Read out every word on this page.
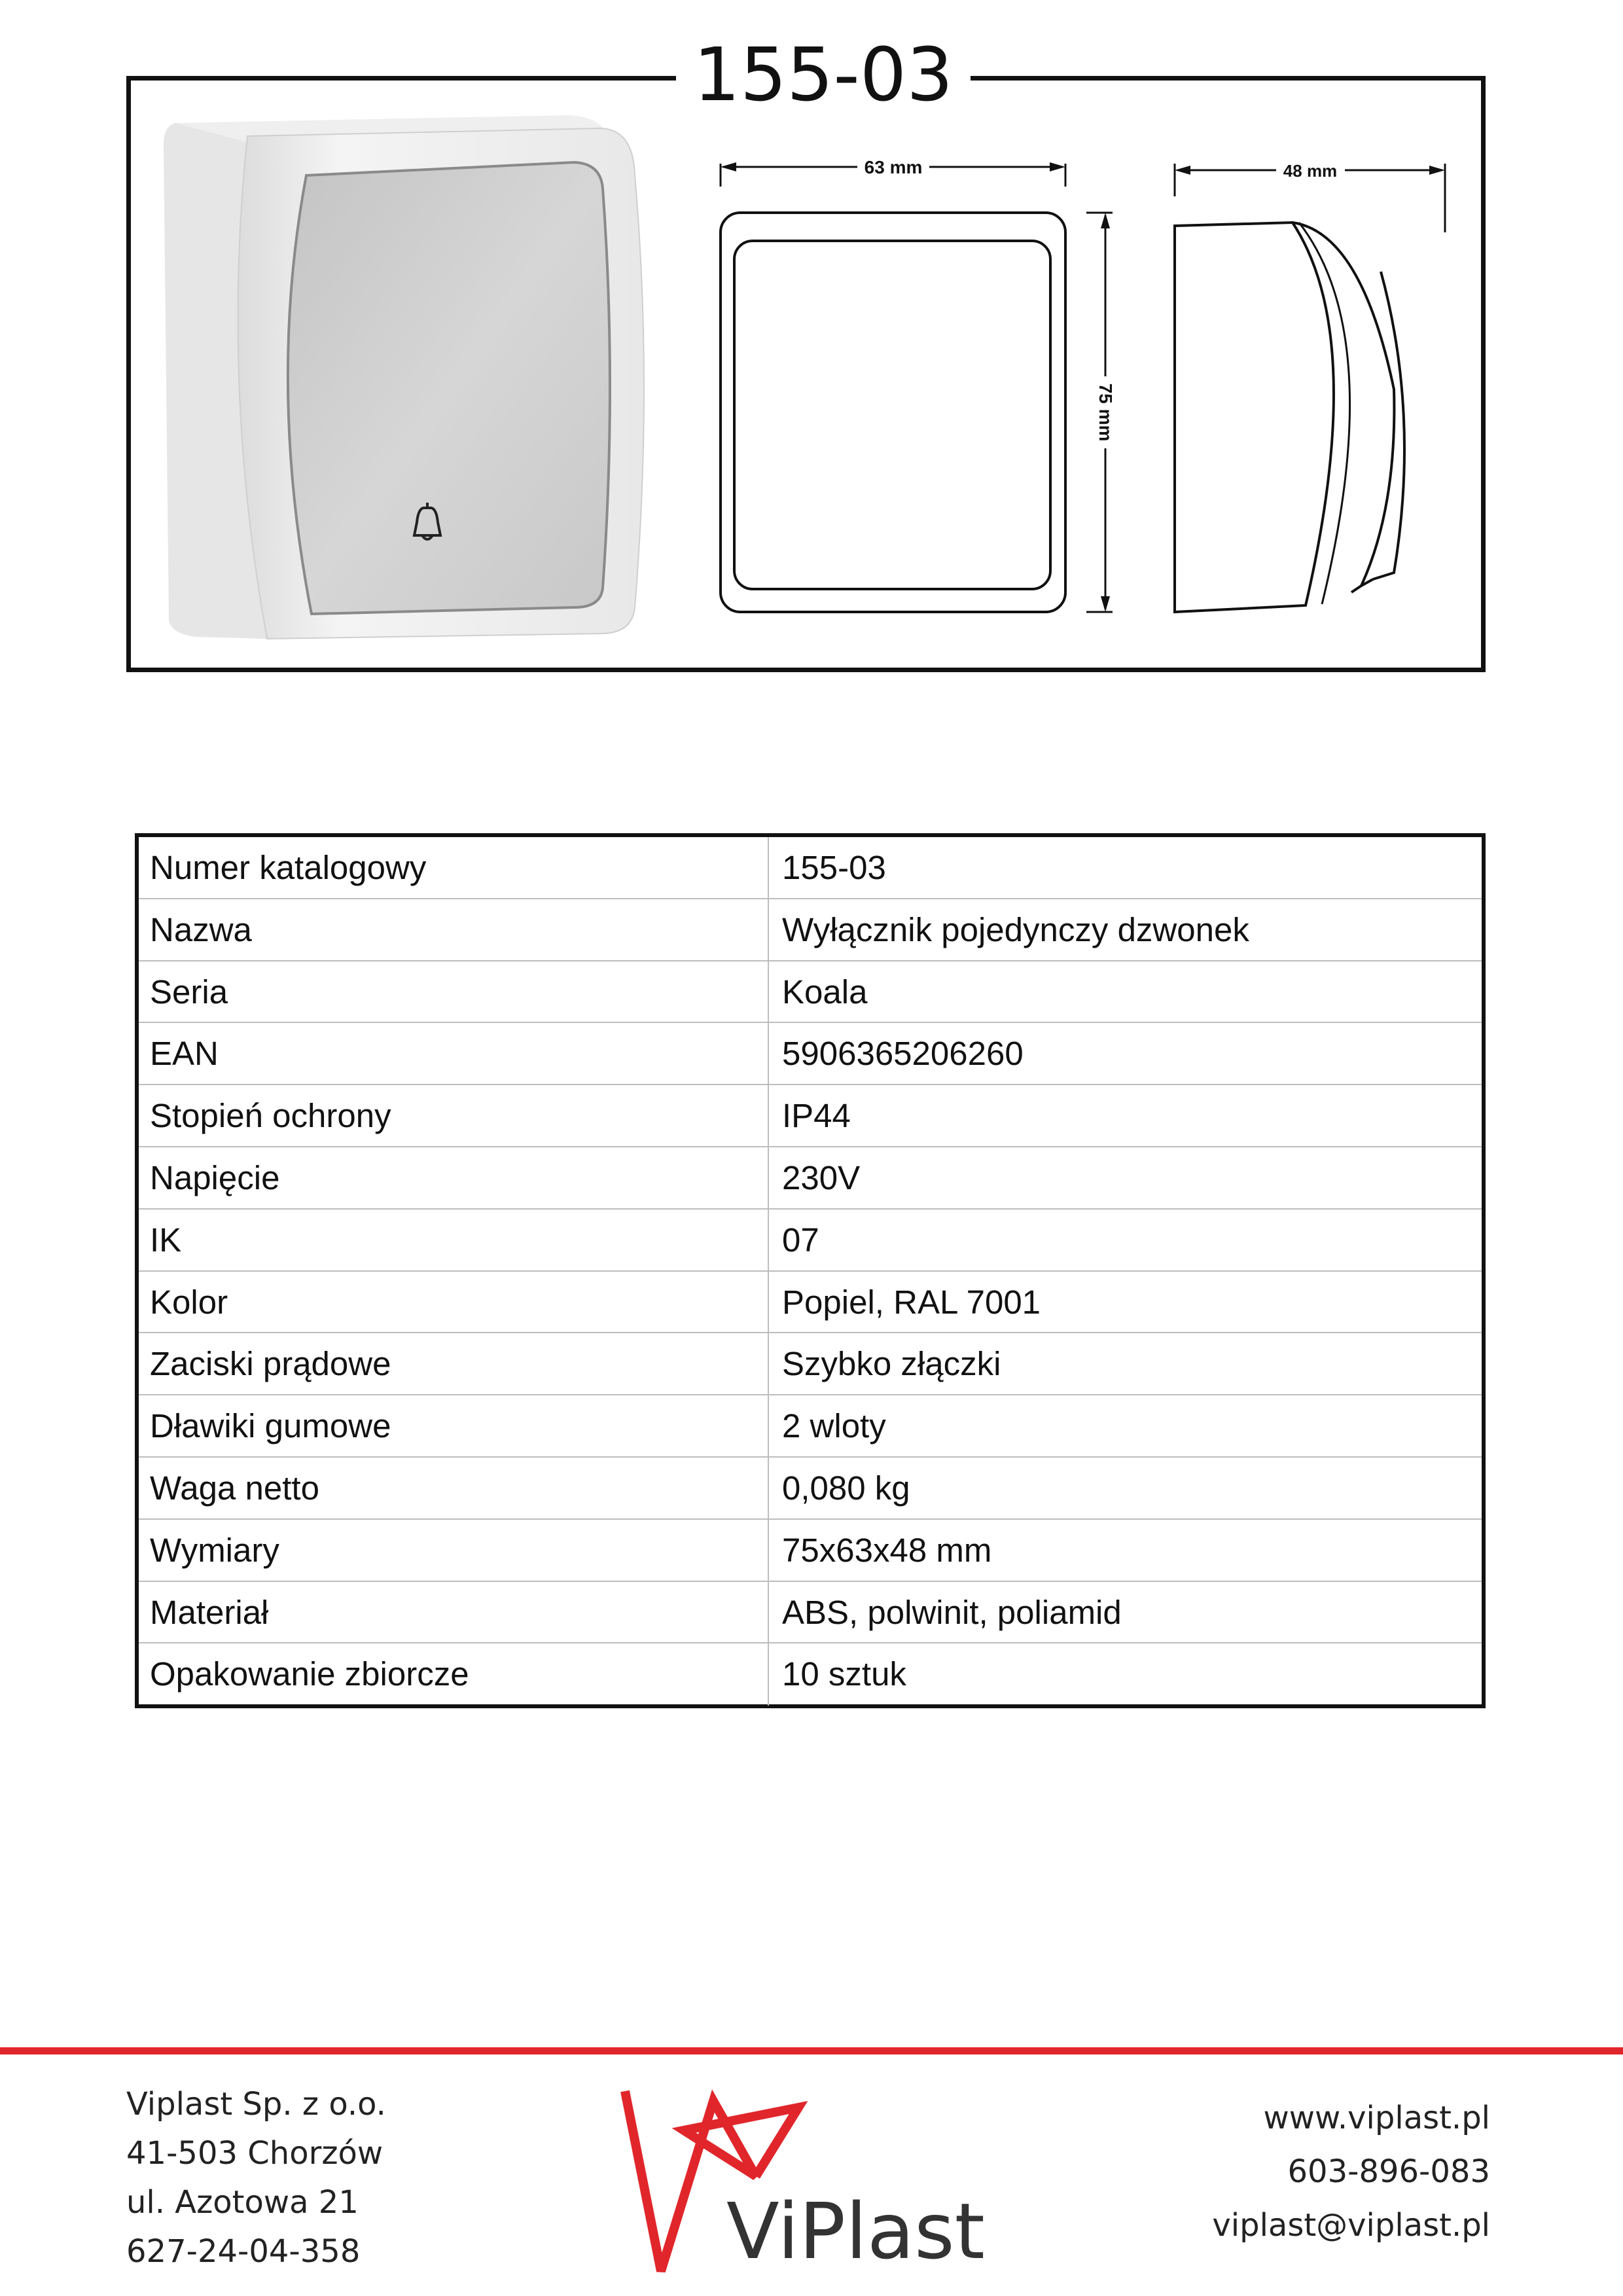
155-03
63 mm
75 mm
48 mm
Numer katalogowy	155-03
Nazwa	Wyłącznik pojedynczy dzwonek
Seria	Koala
EAN	5906365206260
Stopień ochrony	IP44
Napięcie	230V
IK	07
Kolor	Popiel, RAL 7001
Zaciski prądowe	Szybko złączki
Dławiki gumowe	2 wloty
Waga netto	0,080 kg
Wymiary	75x63x48 mm
Materiał	ABS, polwinit, poliamid
Opakowanie zbiorcze	10 sztuk
Viplast Sp. z o.o.
41-503 Chorzów
ul. Azotowa 21
627-24-04-358	ViPlast
www.viplast.pl
603-896-083
viplast@viplast.pl
